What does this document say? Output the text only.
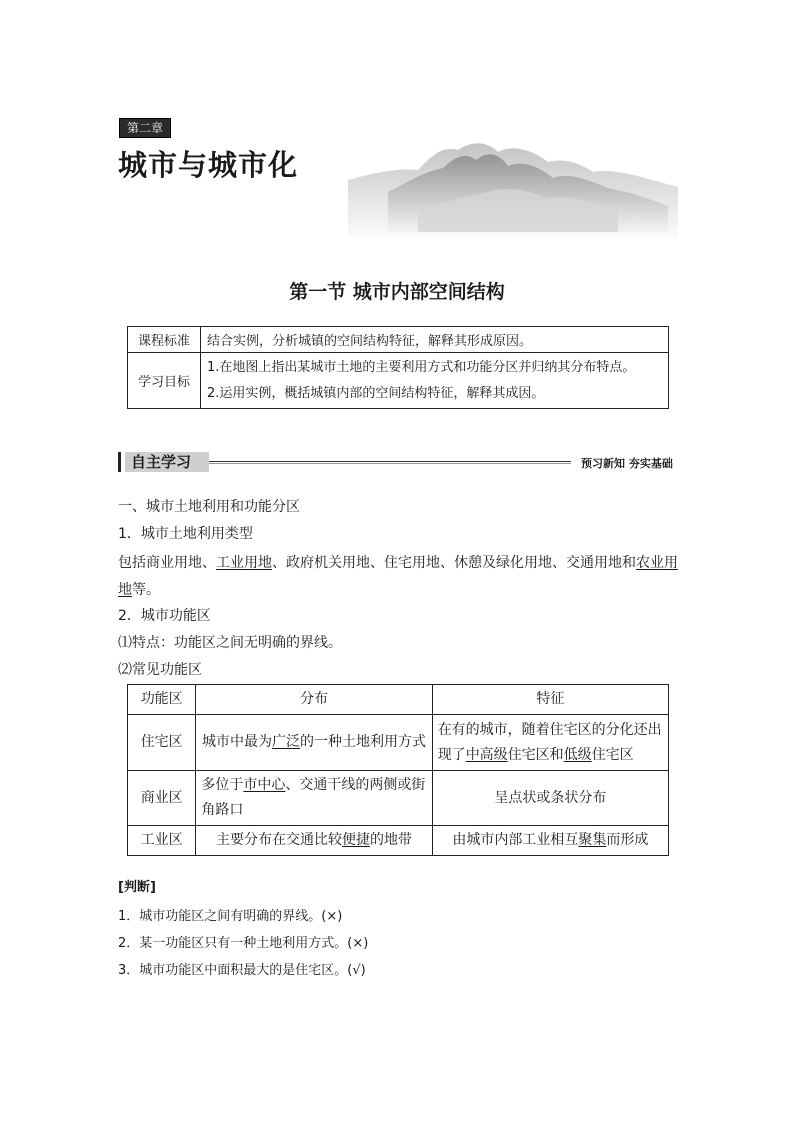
第二章
城市与城市化
第一节 城市内部空间结构
课程标准	结合实例，分析城镇的空间结构特征，解释其形成原因。
学习目标	1.在地图上指出某城市土地的主要利用方式和功能分区并归纳其分布特点。
2.运用实例，概括城镇内部的空间结构特征，解释其成因。
自主学习	预习新知 夯实基础
一、城市土地利用和功能分区
1．城市土地利用类型
包括商业用地、工业用地、政府机关用地、住宅用地、休憩及绿化用地、交通用地和农业用
地等。
2．城市功能区
⑴特点：功能区之间无明确的界线。
⑵常见功能区
功能区	分布	特征
住宅区	城市中最为广泛的一种土地利用方式	在有的城市，随着住宅区的分化还出现了中高级住宅区和低级住宅区
商业区	多位于市中心、交通干线的两侧或街角路口	呈点状或条状分布
工业区	主要分布在交通比较便捷的地带	由城市内部工业相互聚集而形成
[判断]
1．城市功能区之间有明确的界线。(×)
2．某一功能区只有一种土地利用方式。(×)
3．城市功能区中面积最大的是住宅区。(√)
